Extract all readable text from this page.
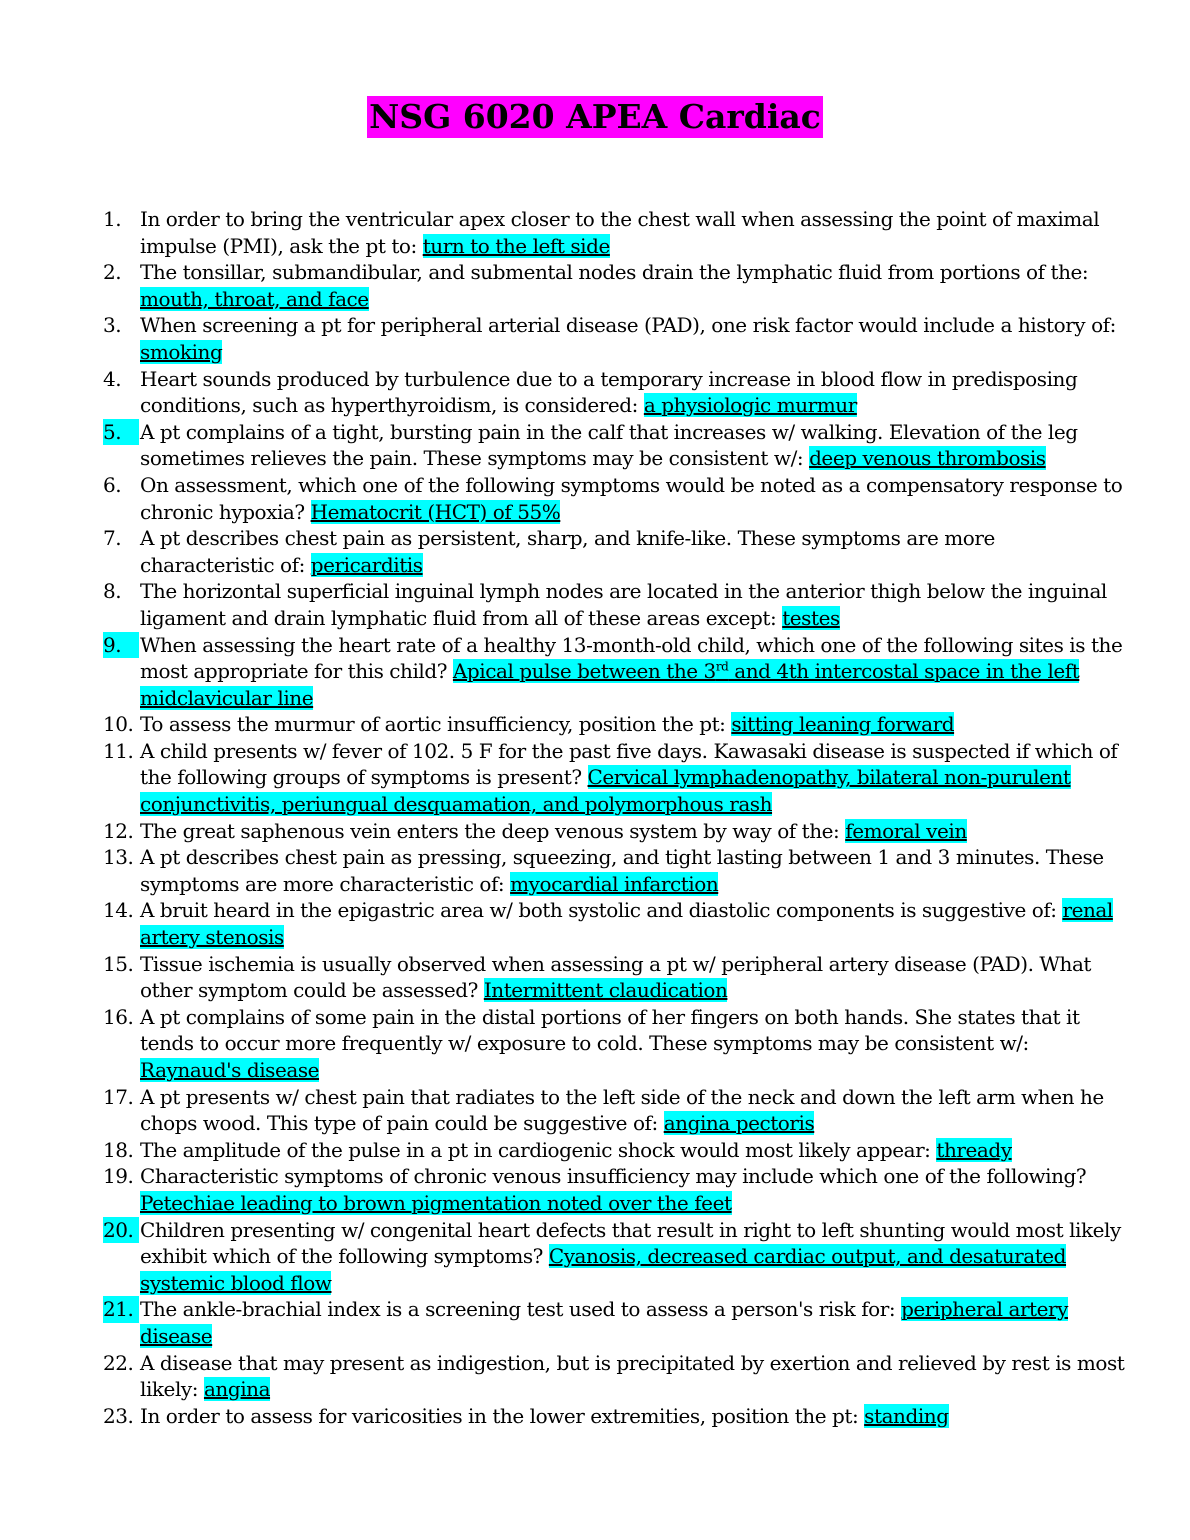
NSG 6020 APEA Cardiac
1. In order to bring the ventricular apex closer to the chest wall when assessing the point of maximal impulse (PMI), ask the pt to: turn to the left side
2. The tonsillar, submandibular, and submental nodes drain the lymphatic fluid from portions of the: mouth, throat, and face
3. When screening a pt for peripheral arterial disease (PAD), one risk factor would include a history of: smoking
4. Heart sounds produced by turbulence due to a temporary increase in blood flow in predisposing conditions, such as hyperthyroidism, is considered: a physiologic murmur
5. A pt complains of a tight, bursting pain in the calf that increases w/ walking. Elevation of the leg sometimes relieves the pain. These symptoms may be consistent w/: deep venous thrombosis
6. On assessment, which one of the following symptoms would be noted as a compensatory response to chronic hypoxia? Hematocrit (HCT) of 55%
7. A pt describes chest pain as persistent, sharp, and knife-like. These symptoms are more characteristic of: pericarditis
8. The horizontal superficial inguinal lymph nodes are located in the anterior thigh below the inguinal ligament and drain lymphatic fluid from all of these areas except: testes
9. When assessing the heart rate of a healthy 13-month-old child, which one of the following sites is the most appropriate for this child? Apical pulse between the 3rd and 4th intercostal space in the left midclavicular line
10. To assess the murmur of aortic insufficiency, position the pt: sitting leaning forward
11. A child presents w/ fever of 102. 5 F for the past five days. Kawasaki disease is suspected if which of the following groups of symptoms is present? Cervical lymphadenopathy, bilateral non-purulent conjunctivitis, periungual desquamation, and polymorphous rash
12. The great saphenous vein enters the deep venous system by way of the: femoral vein
13. A pt describes chest pain as pressing, squeezing, and tight lasting between 1 and 3 minutes. These symptoms are more characteristic of: myocardial infarction
14. A bruit heard in the epigastric area w/ both systolic and diastolic components is suggestive of: renal artery stenosis
15. Tissue ischemia is usually observed when assessing a pt w/ peripheral artery disease (PAD). What other symptom could be assessed? Intermittent claudication
16. A pt complains of some pain in the distal portions of her fingers on both hands. She states that it tends to occur more frequently w/ exposure to cold. These symptoms may be consistent w/: Raynaud's disease
17. A pt presents w/ chest pain that radiates to the left side of the neck and down the left arm when he chops wood. This type of pain could be suggestive of: angina pectoris
18. The amplitude of the pulse in a pt in cardiogenic shock would most likely appear: thready
19. Characteristic symptoms of chronic venous insufficiency may include which one of the following? Petechiae leading to brown pigmentation noted over the feet
20. Children presenting w/ congenital heart defects that result in right to left shunting would most likely exhibit which of the following symptoms? Cyanosis, decreased cardiac output, and desaturated systemic blood flow
21. The ankle-brachial index is a screening test used to assess a person's risk for: peripheral artery disease
22. A disease that may present as indigestion, but is precipitated by exertion and relieved by rest is most likely: angina
23. In order to assess for varicosities in the lower extremities, position the pt: standing
